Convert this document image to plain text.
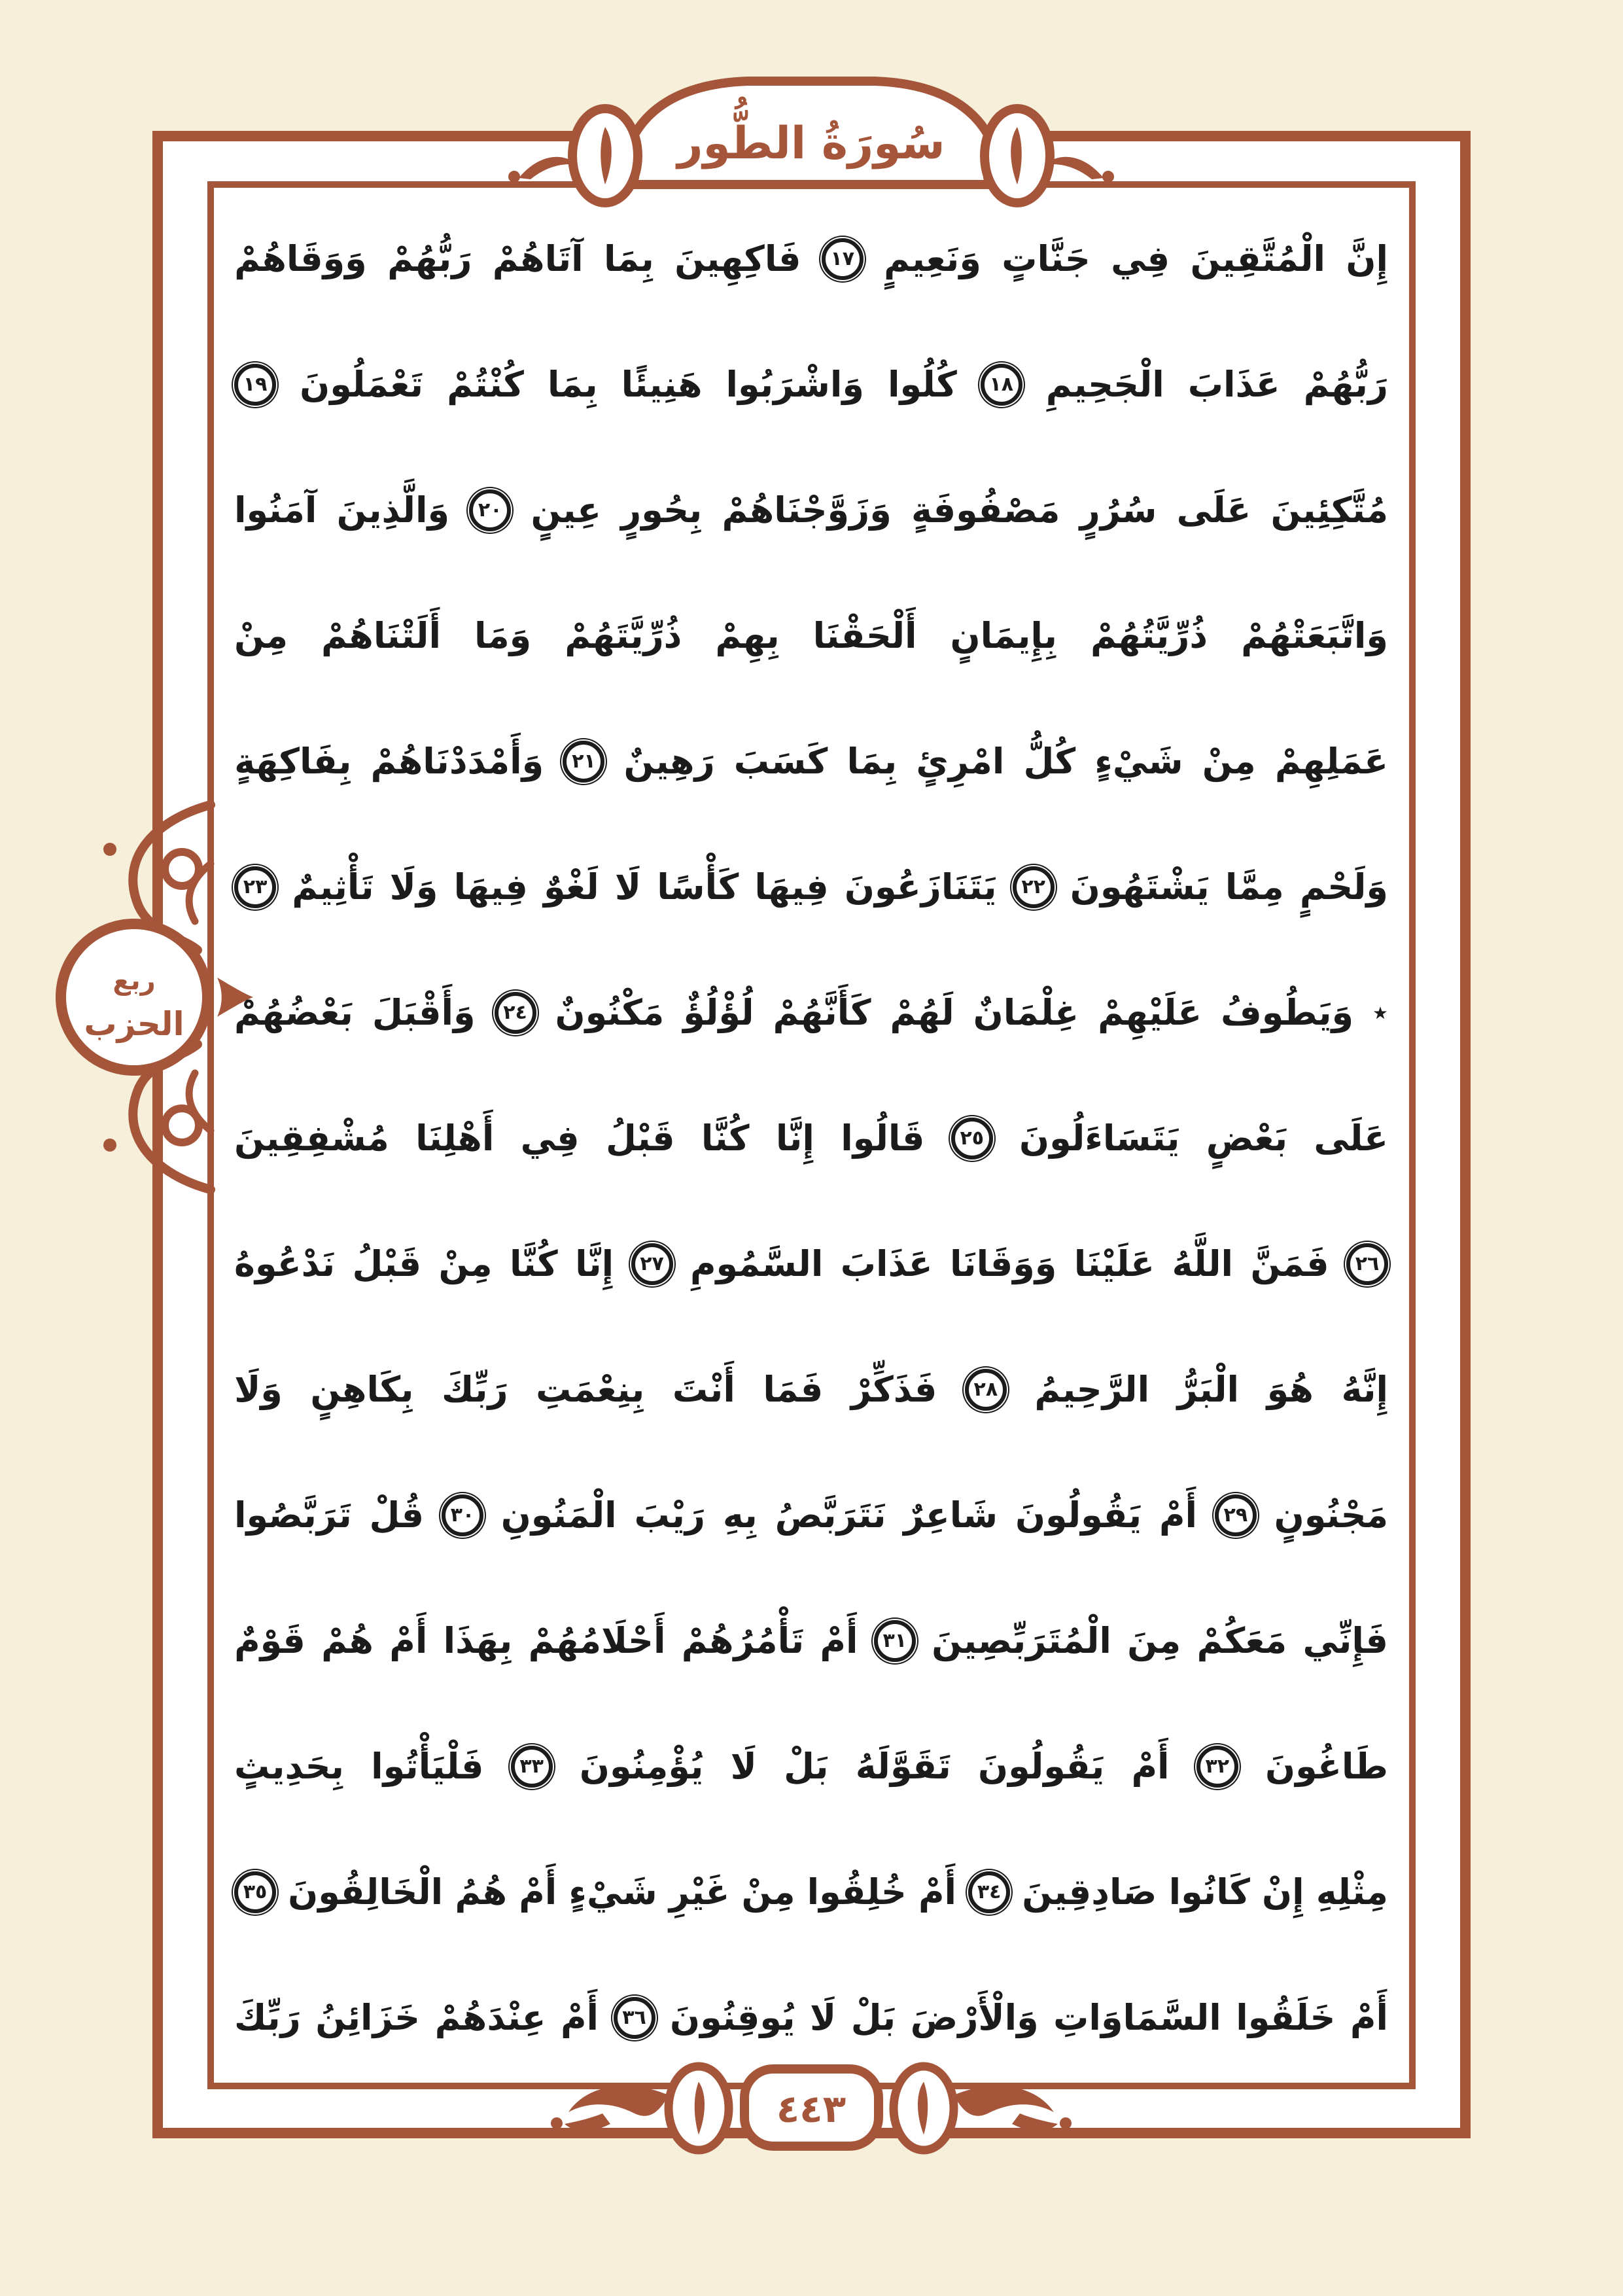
سُورَةُ الطُّور
ربع
الحزب
إِنَّ
الْمُتَّقِينَ
فِي
جَنَّاتٍ
وَنَعِيمٍ
١٧
فَاكِهِينَ
بِمَا
آتَاهُمْ
رَبُّهُمْ
وَوَقَاهُمْ
رَبُّهُمْ
عَذَابَ
الْجَحِيمِ
١٨
كُلُوا
وَاشْرَبُوا
هَنِيئًا
بِمَا
كُنْتُمْ
تَعْمَلُونَ
١٩
مُتَّكِئِينَ
عَلَى
سُرُرٍ
مَصْفُوفَةٍ
وَزَوَّجْنَاهُمْ
بِحُورٍ
عِينٍ
٢٠
وَالَّذِينَ
آمَنُوا
وَاتَّبَعَتْهُمْ
ذُرِّيَّتُهُمْ
بِإِيمَانٍ
أَلْحَقْنَا
بِهِمْ
ذُرِّيَّتَهُمْ
وَمَا
أَلَتْنَاهُمْ
مِنْ
عَمَلِهِمْ
مِنْ
شَيْءٍ
كُلُّ
امْرِئٍ
بِمَا
كَسَبَ
رَهِينٌ
٢١
وَأَمْدَدْنَاهُمْ
بِفَاكِهَةٍ
وَلَحْمٍ
مِمَّا
يَشْتَهُونَ
٢٢
يَتَنَازَعُونَ
فِيهَا
كَأْسًا
لَا
لَغْوٌ
فِيهَا
وَلَا
تَأْثِيمٌ
٢٣
٭
وَيَطُوفُ
عَلَيْهِمْ
غِلْمَانٌ
لَهُمْ
كَأَنَّهُمْ
لُؤْلُؤٌ
مَكْنُونٌ
٢٤
وَأَقْبَلَ
بَعْضُهُمْ
عَلَى
بَعْضٍ
يَتَسَاءَلُونَ
٢٥
قَالُوا
إِنَّا
كُنَّا
قَبْلُ
فِي
أَهْلِنَا
مُشْفِقِينَ
٢٦
فَمَنَّ
اللَّهُ
عَلَيْنَا
وَوَقَانَا
عَذَابَ
السَّمُومِ
٢٧
إِنَّا
كُنَّا
مِنْ
قَبْلُ
نَدْعُوهُ
إِنَّهُ
هُوَ
الْبَرُّ
الرَّحِيمُ
٢٨
فَذَكِّرْ
فَمَا
أَنْتَ
بِنِعْمَتِ
رَبِّكَ
بِكَاهِنٍ
وَلَا
مَجْنُونٍ
٢٩
أَمْ
يَقُولُونَ
شَاعِرٌ
نَتَرَبَّصُ
بِهِ
رَيْبَ
الْمَنُونِ
٣٠
قُلْ
تَرَبَّصُوا
فَإِنِّي
مَعَكُمْ
مِنَ
الْمُتَرَبِّصِينَ
٣١
أَمْ
تَأْمُرُهُمْ
أَحْلَامُهُمْ
بِهَذَا
أَمْ
هُمْ
قَوْمٌ
طَاغُونَ
٣٢
أَمْ
يَقُولُونَ
تَقَوَّلَهُ
بَلْ
لَا
يُؤْمِنُونَ
٣٣
فَلْيَأْتُوا
بِحَدِيثٍ
مِثْلِهِ
إِنْ
كَانُوا
صَادِقِينَ
٣٤
أَمْ
خُلِقُوا
مِنْ
غَيْرِ
شَيْءٍ
أَمْ
هُمُ
الْخَالِقُونَ
٣٥
أَمْ
خَلَقُوا
السَّمَاوَاتِ
وَالْأَرْضَ
بَلْ
لَا
يُوقِنُونَ
٣٦
أَمْ
عِنْدَهُمْ
خَزَائِنُ
رَبِّكَ
٤٤٣
